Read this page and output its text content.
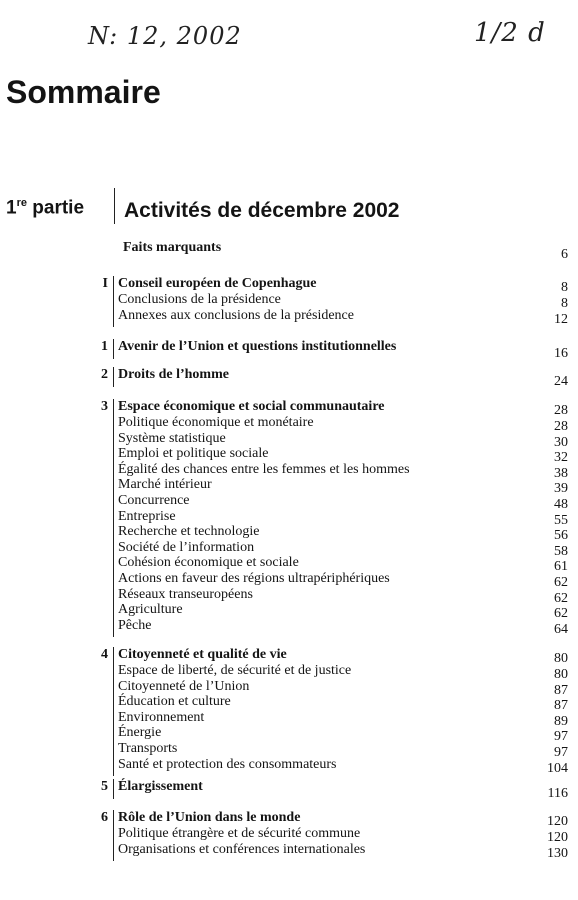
N: 12, 2002	1/2 d
Sommaire
1re partie Activités de décembre 2002
Faits marquants	6
I Conseil européen de Copenhague	8
Conclusions de la présidence	8
Annexes aux conclusions de la présidence	12
1 Avenir de l’Union et questions institutionnelles	16
2 Droits de l’homme	24
3 Espace économique et social communautaire	28
Politique économique et monétaire	28
Système statistique	30
Emploi et politique sociale	32
Égalité des chances entre les femmes et les hommes	38
Marché intérieur	39
Concurrence	48
Entreprise	55
Recherche et technologie	56
Société de l’information	58
Cohésion économique et sociale	61
Actions en faveur des régions ultrapériphériques	62
Réseaux transeuropéens	62
Agriculture	62
Pêche	64
4 Citoyenneté et qualité de vie	80
Espace de liberté, de sécurité et de justice	80
Citoyenneté de l’Union	87
Éducation et culture	87
Environnement	89
Énergie	97
Transports	97
Santé et protection des consommateurs	104
5 Élargissement	116
6 Rôle de l’Union dans le monde	120
Politique étrangère et de sécurité commune	120
Organisations et conférences internationales	130
